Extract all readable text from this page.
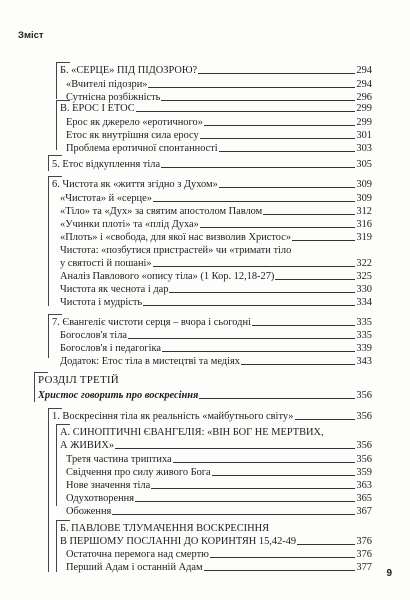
Зміст
Б. «СЕРЦЕ» ПІД ПІДОЗРОЮ?	294
«Вчителі підозри»	294
Сутнісна розбіжність	296
В. ЕРОС І ЕТОС	299
Ерос як джерело «еротичного»	299
Етос як внутрішня сила еросу	301
Проблема еротичної спонтанності	303
5. Етос відкуплення тіла	305
6. Чистота як «життя згідно з Духом»	309
«Чистота» й «серце»	309
«Тіло» та «Дух» за святим апостолом Павлом	312
«Учинки плоті» та «плід Духа»	316
«Плоть» і «свобода, для якої нас визволив Христос»	319
Чистота: «позбутися пристрастей» чи «тримати тіло
у святості й пошані»	322
Аналіз Павлового «опису тіла» (1 Кор. 12,18-27)	325
Чистота як чеснота і дар	330
Чистота і мудрість	334
7. Євангеліє чистоти серця – вчора і сьогодні	335
Богослов'я тіла	335
Богослов'я і педагогіка	339
Додаток: Етос тіла в мистецтві та медіях	343
РОЗДІЛ ТРЕТІЙ
Христос говорить про воскресіння	356
1. Воскресіння тіла як реальність «майбутнього світу»	356
А. СИНОПТИЧНІ ЄВАНГЕЛІЯ: «ВІН БОГ НЕ МЕРТВИХ,
А ЖИВИХ»	356
Третя частина триптиха	356
Свідчення про силу живого Бога	359
Нове значення тіла	363
Одухотворення	365
Обоження	367
Б. ПАВЛОВЕ ТЛУМАЧЕННЯ ВОСКРЕСІННЯ
В ПЕРШОМУ ПОСЛАННІ ДО КОРИНТЯН 15,42-49	376
Остаточна перемога над смертю	376
Перший Адам і останній Адам	377
9
